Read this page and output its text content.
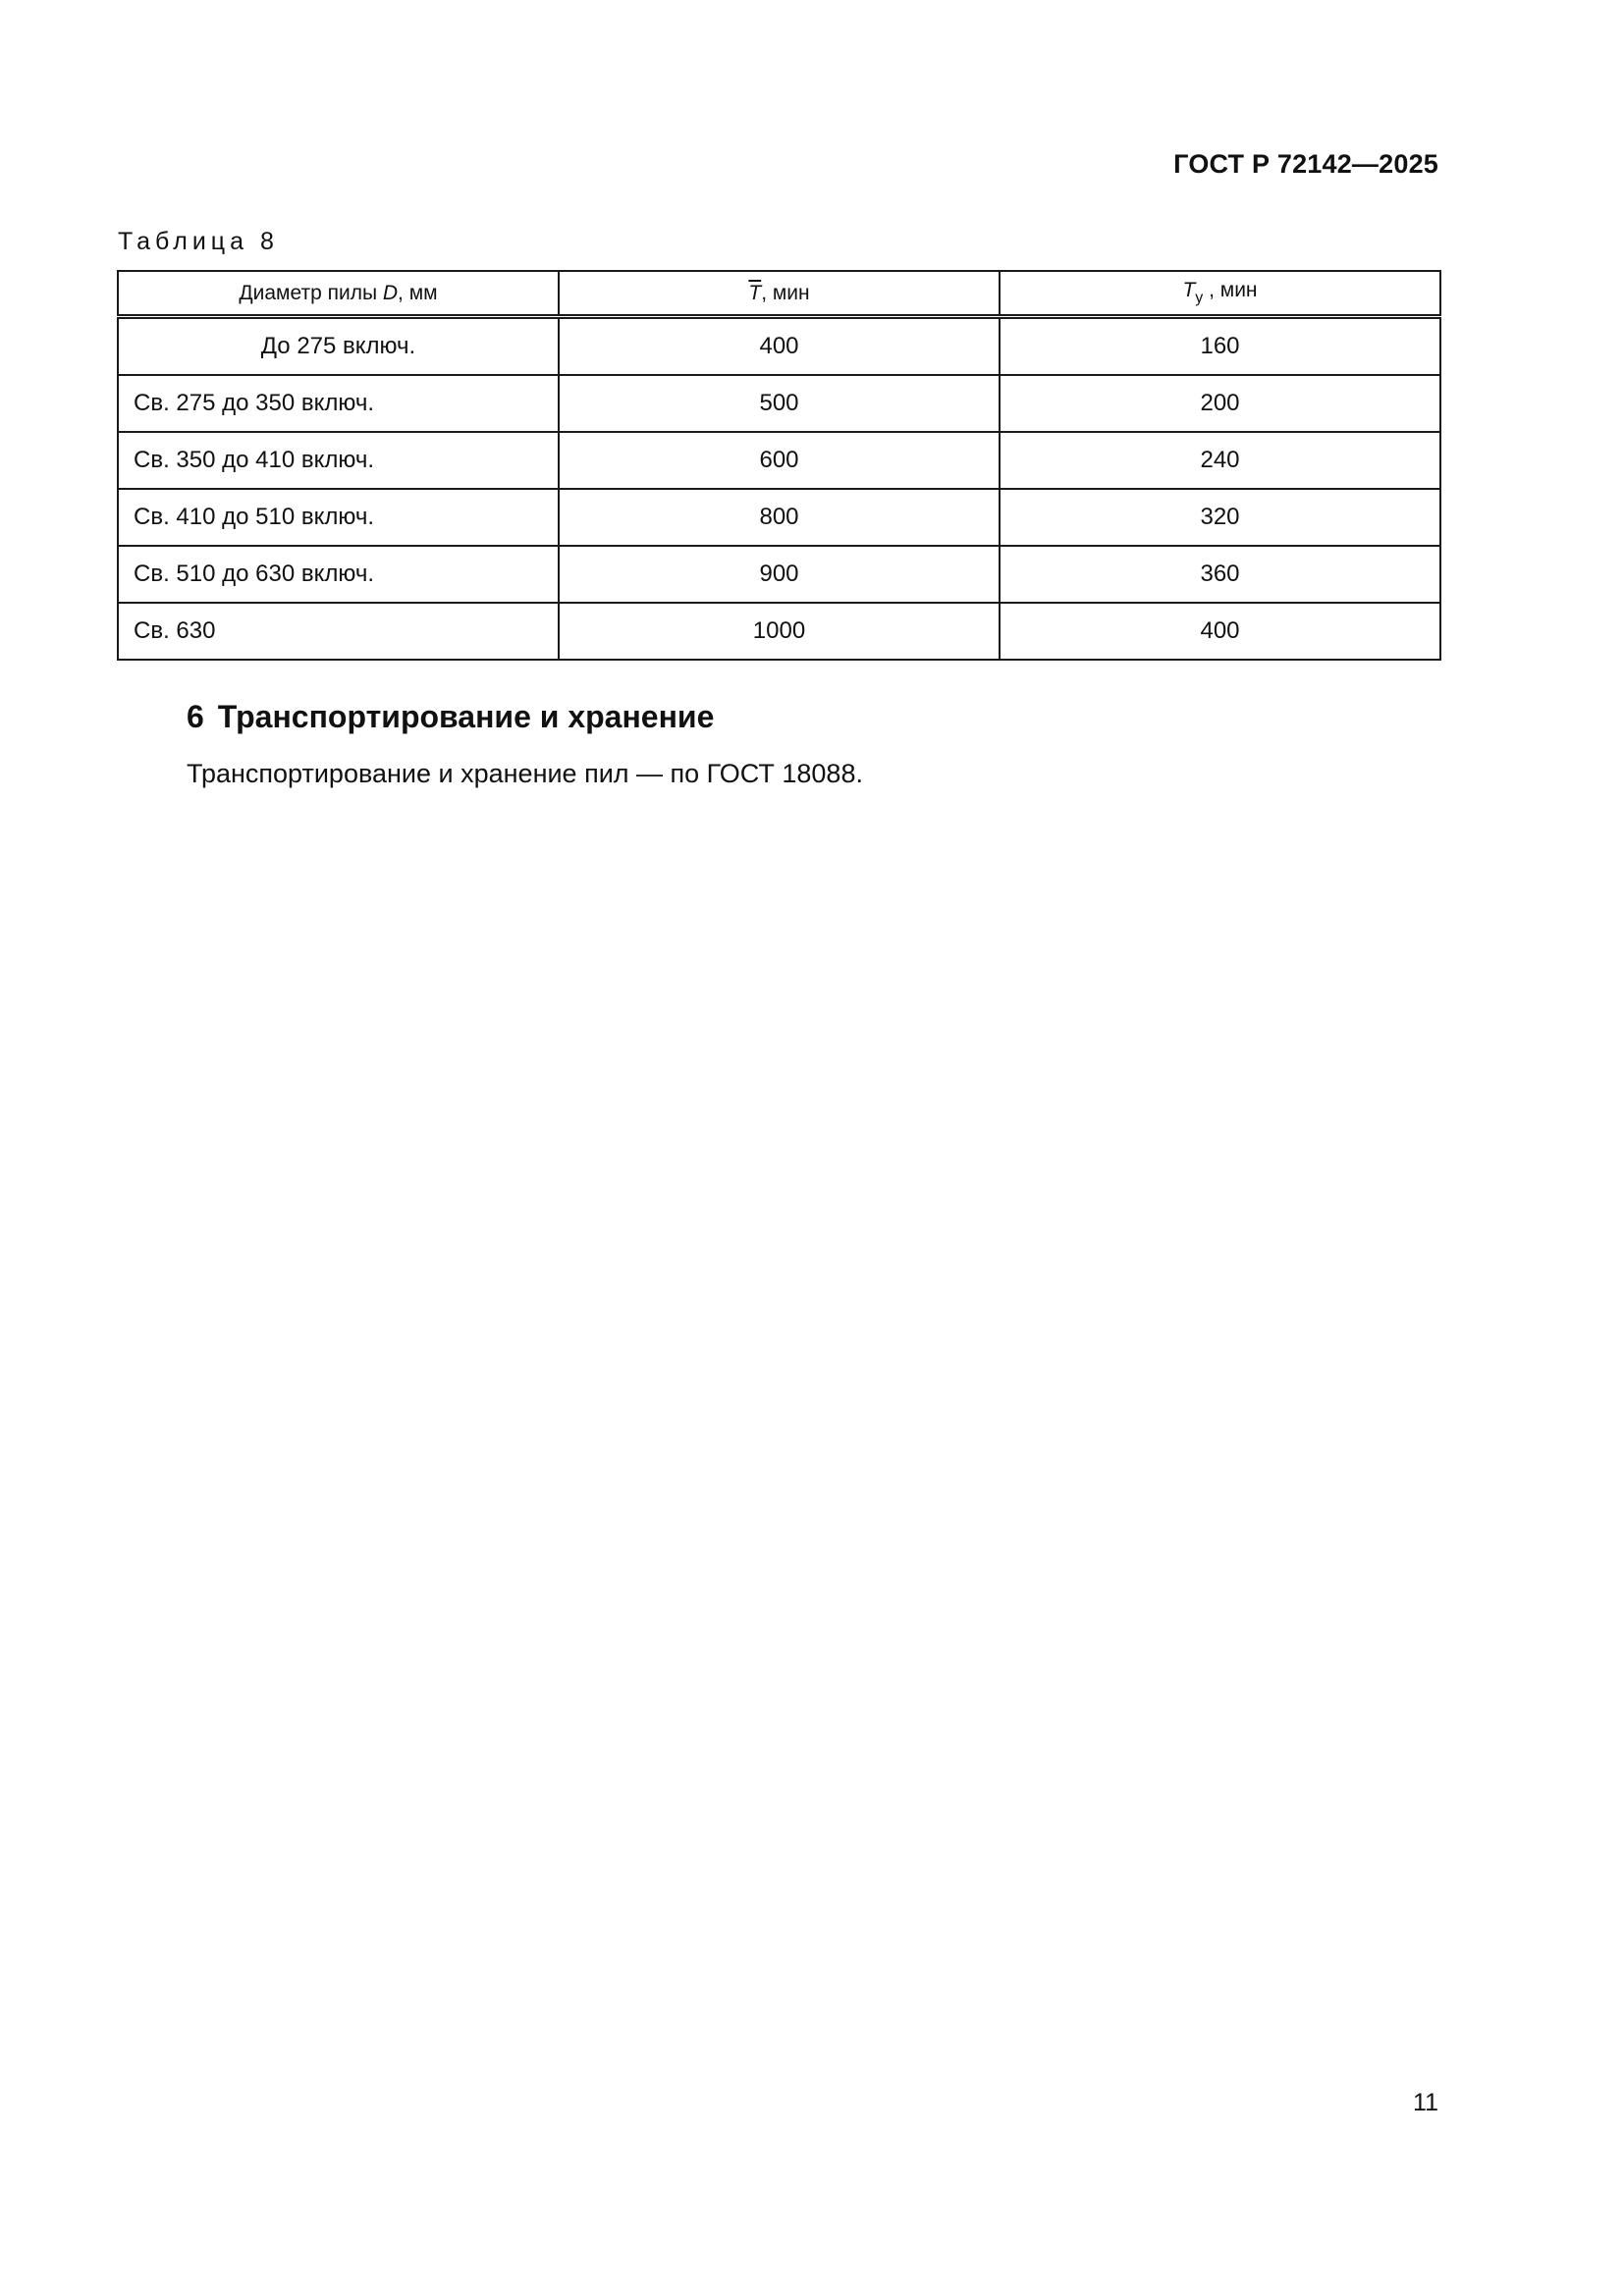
ГОСТ Р 72142—2025
Таблица 8
Диаметр пилы D, мм	$\overline{T}$, мин	$T_у$ , мин
До 275 включ.	400	160
Св. 275 до 350 включ.	500	200
Св. 350 до 410 включ.	600	240
Св. 410 до 510 включ.	800	320
Св. 510 до 630 включ.	900	360
Св. 630	1000	400
6 Транспортирование и хранение
Транспортирование и хранение пил — по ГОСТ 18088.
11
